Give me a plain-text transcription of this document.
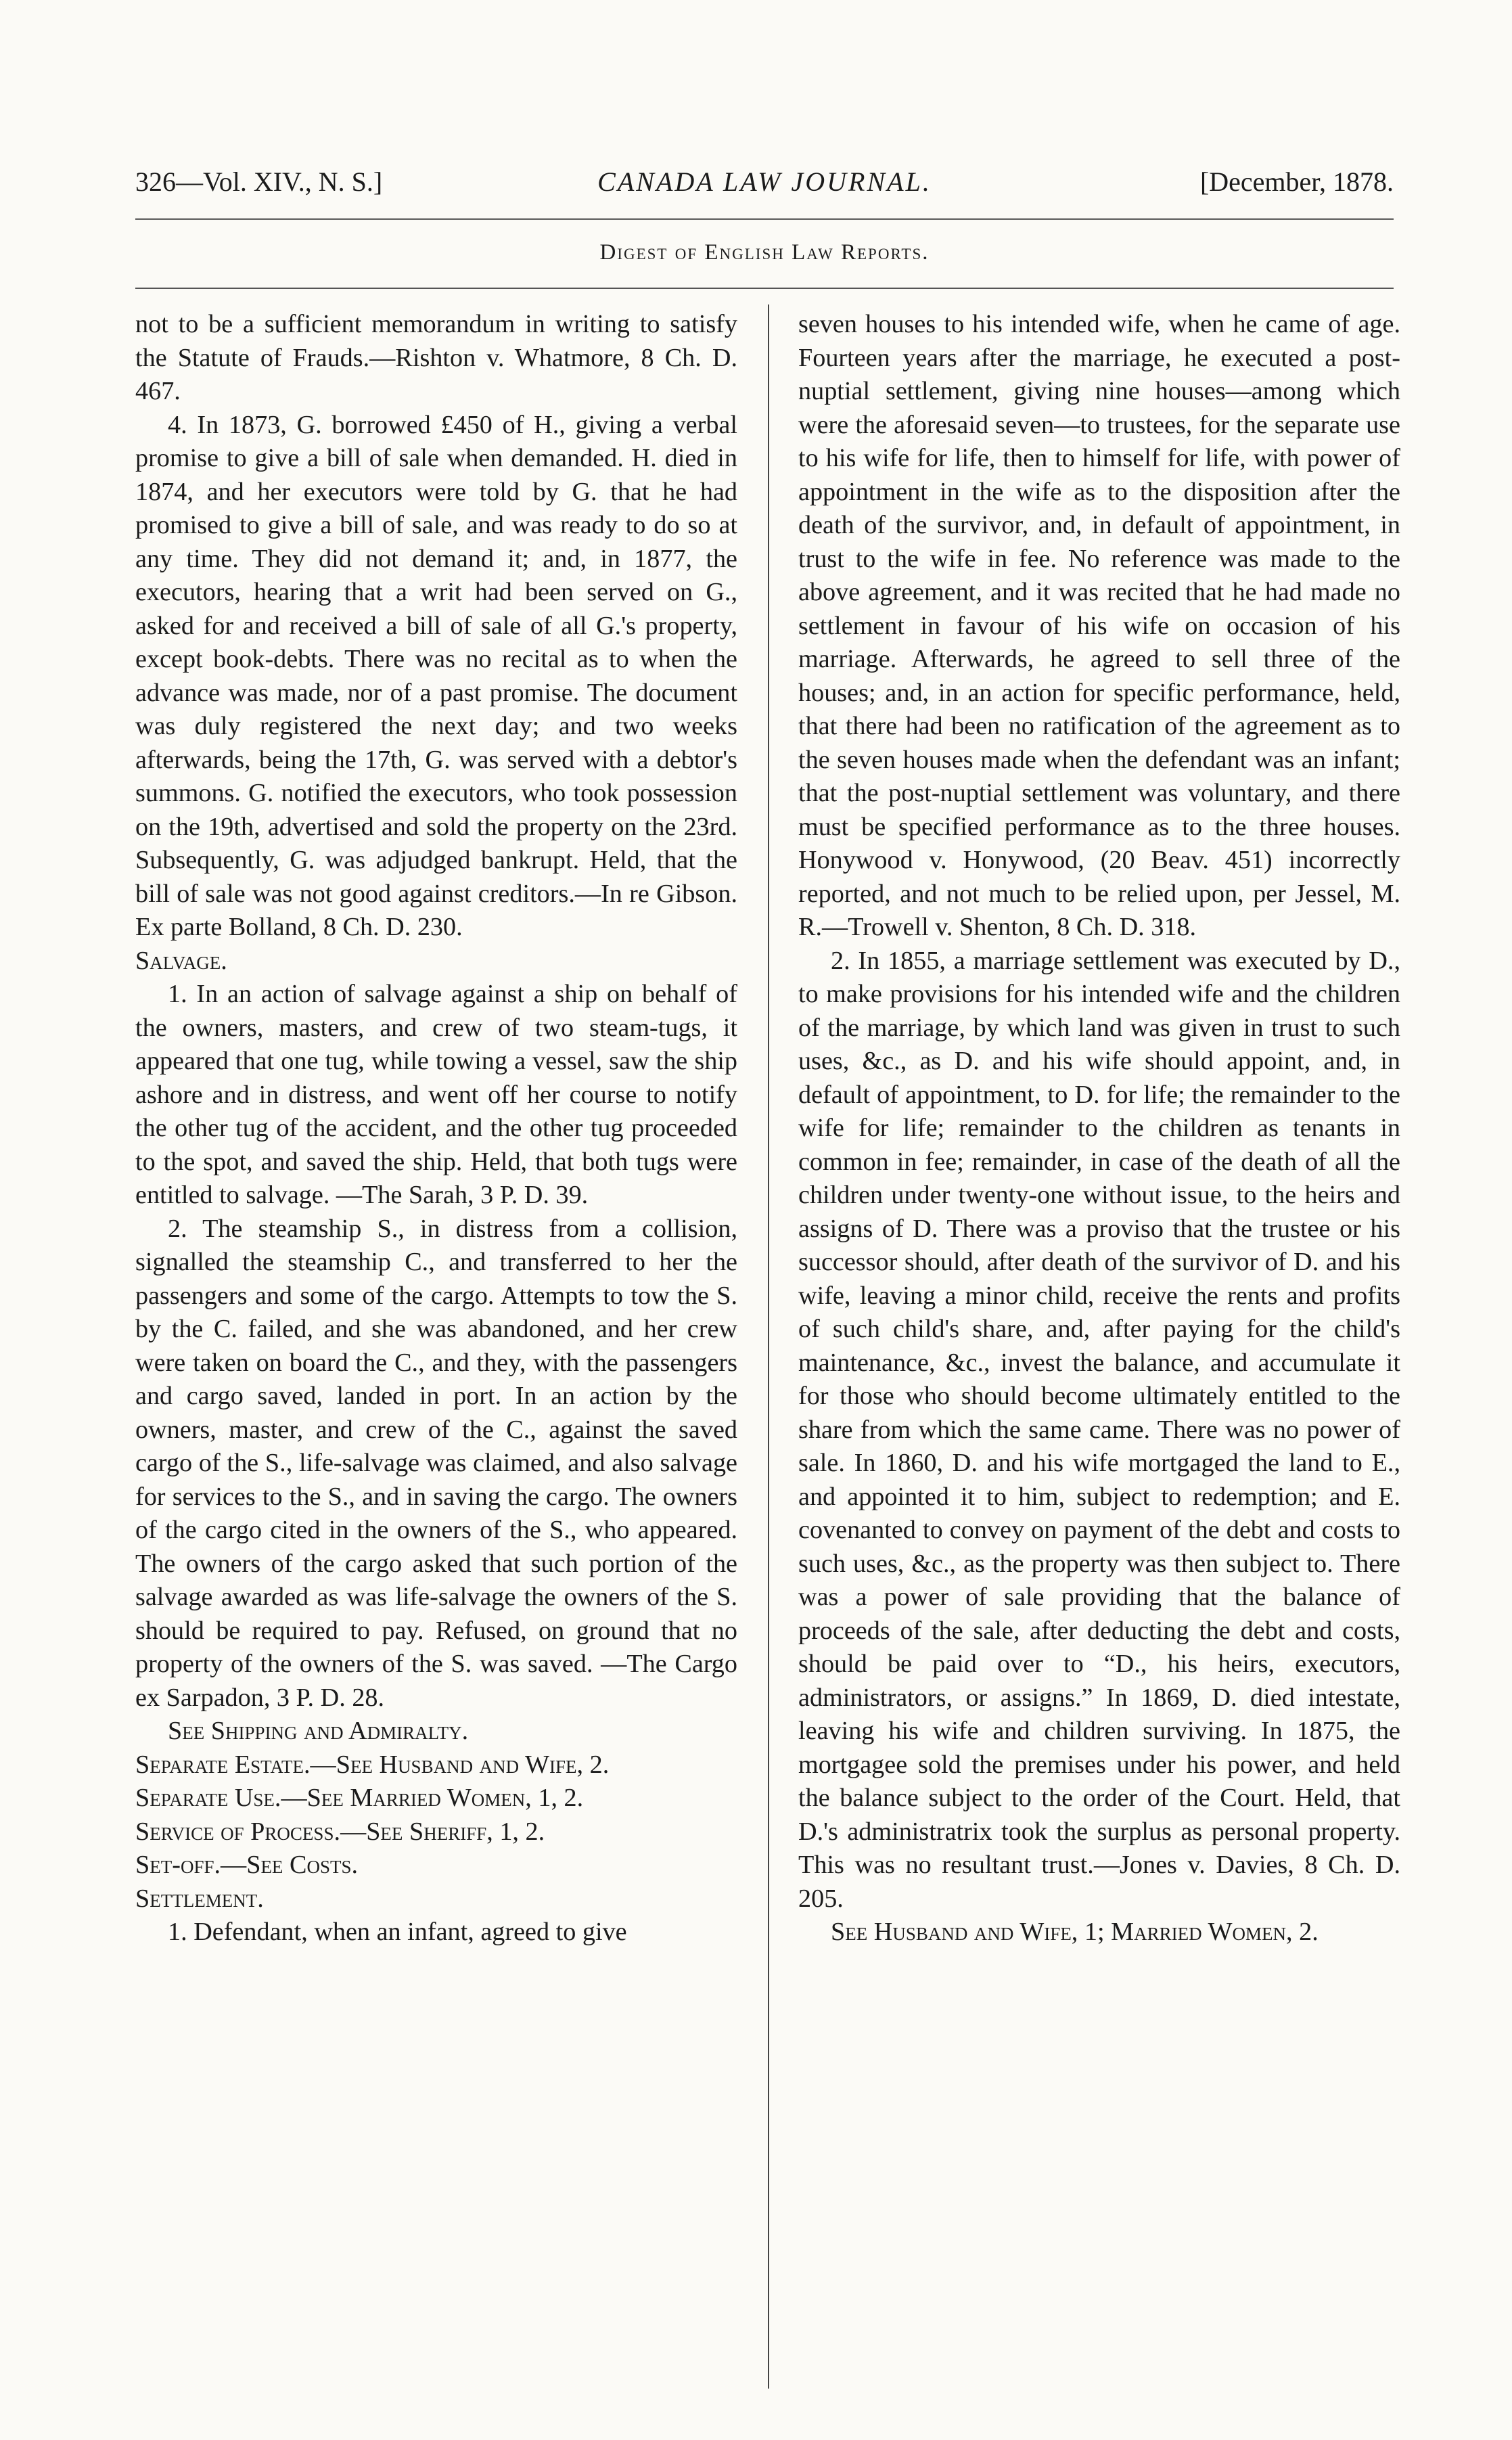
326—Vol. XIV., N. S.]	CANADA LAW JOURNAL.	[December, 1878.
Digest of English Law Reports.

not to be a sufficient memorandum in writing to satisfy the Statute of Frauds.—Rishton v. Whatmore, 8 Ch. D. 467.

4. In 1873, G. borrowed £450 of H., giving a verbal promise to give a bill of sale when demanded. H. died in 1874, and her executors were told by G. that he had promised to give a bill of sale, and was ready to do so at any time. They did not demand it; and, in 1877, the executors, hearing that a writ had been served on G., asked for and received a bill of sale of all G.'s property, except book-debts. There was no recital as to when the advance was made, nor of a past promise. The document was duly registered the next day; and two weeks afterwards, being the 17th, G. was served with a debtor's summons. G. notified the executors, who took possession on the 19th, advertised and sold the property on the 23rd. Subsequently, G. was adjudged bankrupt. Held, that the bill of sale was not good against creditors.—In re Gibson. Ex parte Bolland, 8 Ch. D. 230.

Salvage.

1. In an action of salvage against a ship on behalf of the owners, masters, and crew of two steam-tugs, it appeared that one tug, while towing a vessel, saw the ship ashore and in distress, and went off her course to notify the other tug of the accident, and the other tug proceeded to the spot, and saved the ship. Held, that both tugs were entitled to salvage. —The Sarah, 3 P. D. 39.

2. The steamship S., in distress from a collision, signalled the steamship C., and transferred to her the passengers and some of the cargo. Attempts to tow the S. by the C. failed, and she was abandoned, and her crew were taken on board the C., and they, with the passengers and cargo saved, landed in port. In an action by the owners, master, and crew of the C., against the saved cargo of the S., life-salvage was claimed, and also salvage for services to the S., and in saving the cargo. The owners of the cargo cited in the owners of the S., who appeared. The owners of the cargo asked that such portion of the salvage awarded as was life-salvage the owners of the S. should be required to pay. Refused, on ground that no property of the owners of the S. was saved. —The Cargo ex Sarpadon, 3 P. D. 28.

See Shipping and Admiralty.

Separate Estate.—See Husband and Wife, 2.

Separate Use.—See Married Women, 1, 2.

Service of Process.—See Sheriff, 1, 2.

Set-off.—See Costs.

Settlement.

1. Defendant, when an infant, agreed to give

seven houses to his intended wife, when he came of age. Fourteen years after the marriage, he executed a post-nuptial settlement, giving nine houses—among which were the aforesaid seven—to trustees, for the separate use to his wife for life, then to himself for life, with power of appointment in the wife as to the disposition after the death of the survivor, and, in default of appointment, in trust to the wife in fee. No reference was made to the above agreement, and it was recited that he had made no settlement in favour of his wife on occasion of his marriage. Afterwards, he agreed to sell three of the houses; and, in an action for specific performance, held, that there had been no ratification of the agreement as to the seven houses made when the defendant was an infant; that the post-nuptial settlement was voluntary, and there must be specified performance as to the three houses. Honywood v. Honywood, (20 Beav. 451) incorrectly reported, and not much to be relied upon, per Jessel, M. R.—Trowell v. Shenton, 8 Ch. D. 318.

2. In 1855, a marriage settlement was executed by D., to make provisions for his intended wife and the children of the marriage, by which land was given in trust to such uses, &c., as D. and his wife should appoint, and, in default of appointment, to D. for life; the remainder to the wife for life; remainder to the children as tenants in common in fee; remainder, in case of the death of all the children under twenty-one without issue, to the heirs and assigns of D. There was a proviso that the trustee or his successor should, after death of the survivor of D. and his wife, leaving a minor child, receive the rents and profits of such child's share, and, after paying for the child's maintenance, &c., invest the balance, and accumulate it for those who should become ultimately entitled to the share from which the same came. There was no power of sale. In 1860, D. and his wife mortgaged the land to E., and appointed it to him, subject to redemption; and E. covenanted to convey on payment of the debt and costs to such uses, &c., as the property was then subject to. There was a power of sale providing that the balance of proceeds of the sale, after deducting the debt and costs, should be paid over to “D., his heirs, executors, administrators, or assigns.” In 1869, D. died intestate, leaving his wife and children surviving. In 1875, the mortgagee sold the premises under his power, and held the balance subject to the order of the Court. Held, that D.'s administratrix took the surplus as personal property. This was no resultant trust.—Jones v. Davies, 8 Ch. D. 205.

See Husband and Wife, 1; Married Women, 2.
